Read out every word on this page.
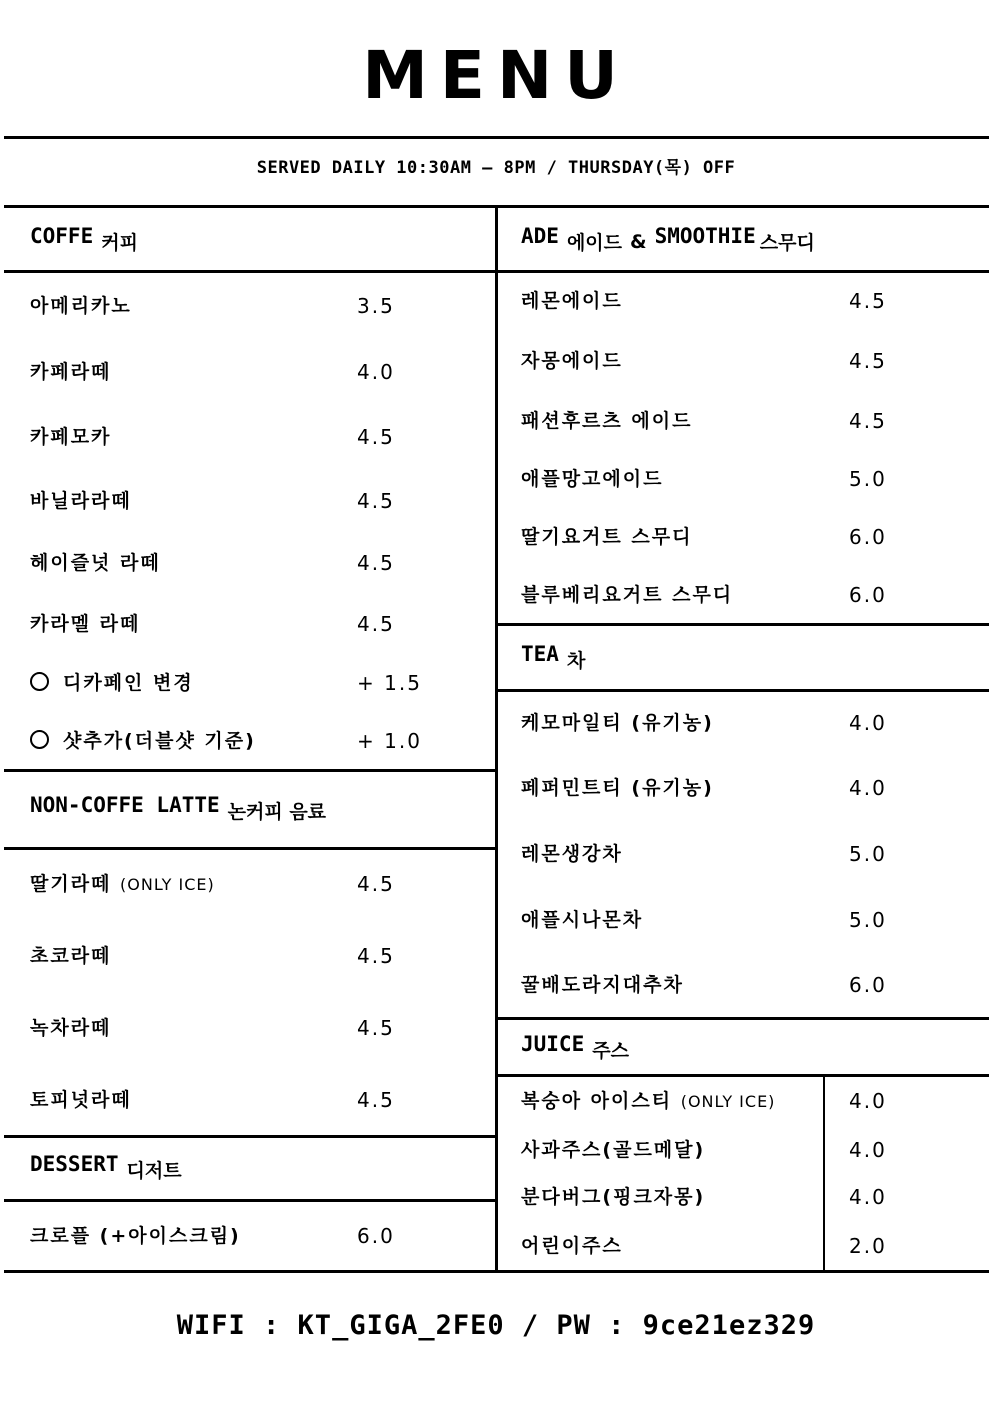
MENU
SERVED DAILY 10:30AM – 8PM / THURSDAY(목) OFF
COFFE 커피
아메리카노	3.5
카페라떼	4.0
카페모카	4.5
바닐라라떼	4.5
헤이즐넛 라떼	4.5
카라멜 라떼	4.5
디카페인 변경	+ 1.5
샷추가(더블샷 기준)	+ 1.0
NON-COFFE LATTE 논커피 음료
딸기라떼 (ONLY ICE)	4.5
초코라떼	4.5
녹차라떼	4.5
토피넛라떼	4.5
DESSERT 디저트
크로플 (+아이스크림)	6.0
ADE 에이드 & SMOOTHIE 스무디
레몬에이드	4.5
자몽에이드	4.5
패션후르츠 에이드	4.5
애플망고에이드	5.0
딸기요거트 스무디	6.0
블루베리요거트 스무디	6.0
TEA 차
케모마일티 (유기농)	4.0
페퍼민트티 (유기농)	4.0
레몬생강차	5.0
애플시나몬차	5.0
꿀배도라지대추차	6.0
JUICE 주스
복숭아 아이스티 (ONLY ICE)	4.0
사과주스(골드메달)	4.0
분다버그(핑크자몽)	4.0
어린이주스	2.0
WIFI : KT_GIGA_2FE0 / PW : 9ce21ez329
